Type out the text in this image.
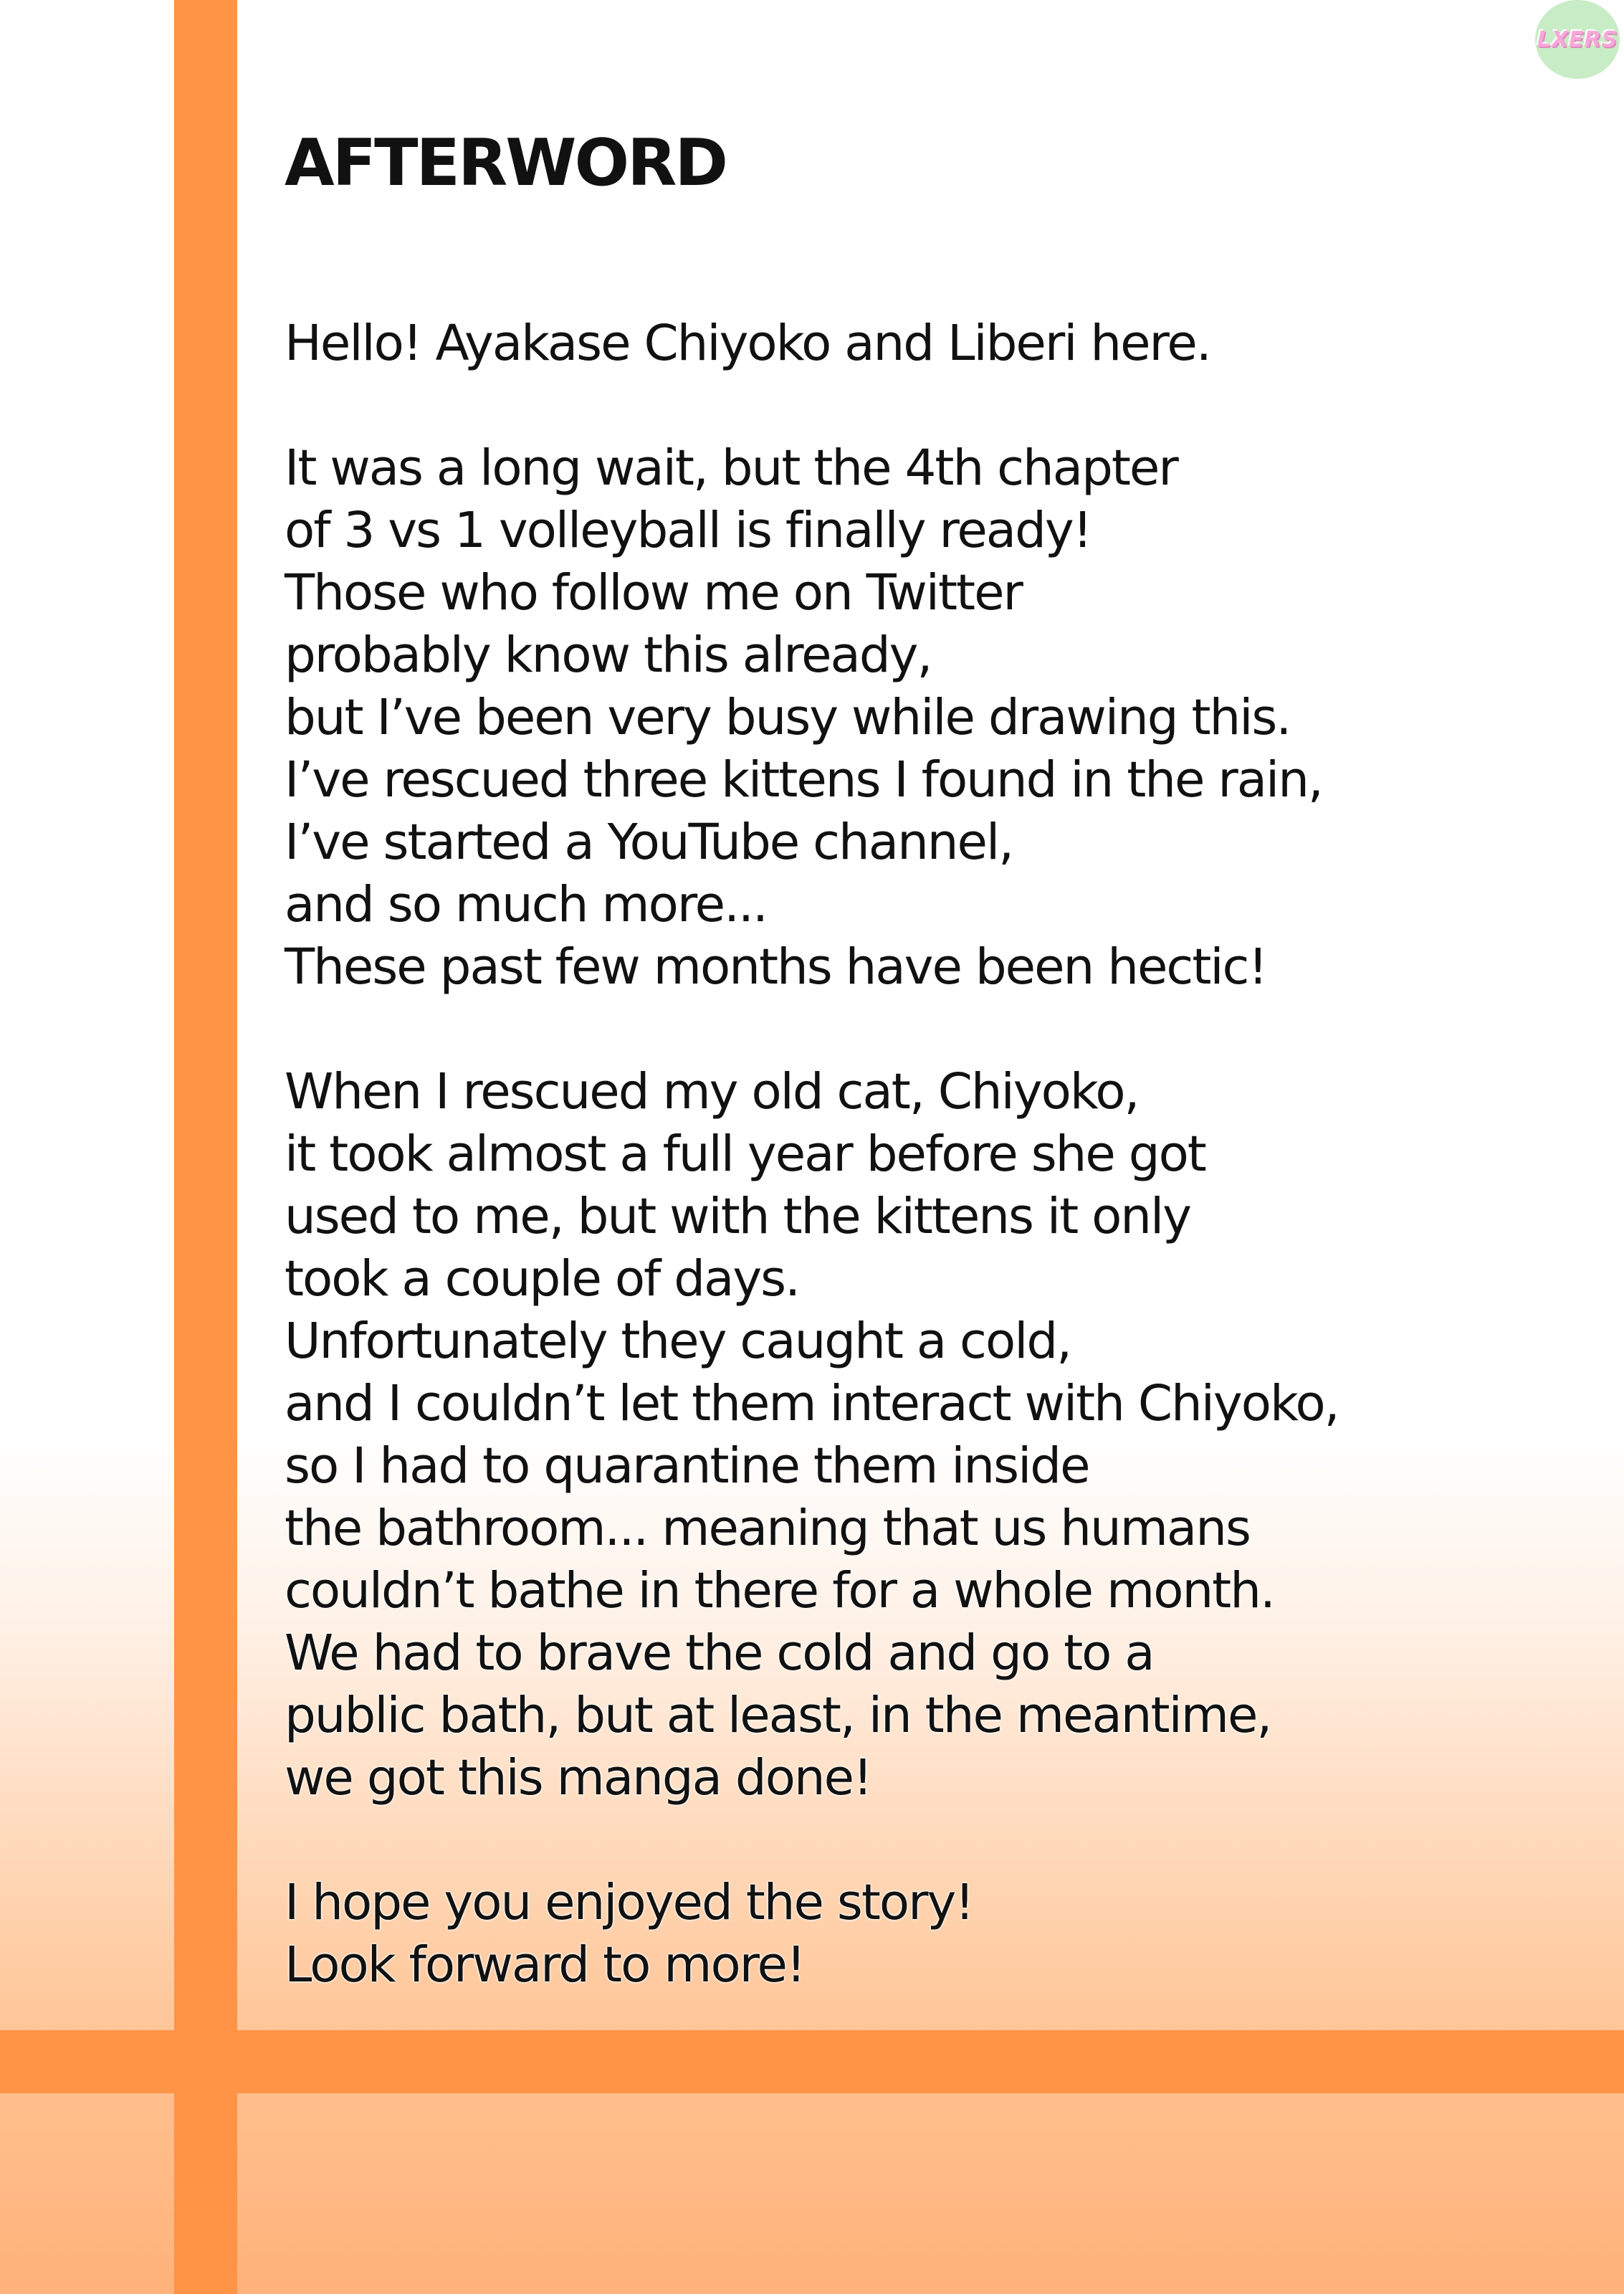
LXERS
AFTERWORD
Hello! Ayakase Chiyoko and Liberi here.
It was a long wait, but the 4th chapter
of 3 vs 1 volleyball is finally ready!
Those who follow me on Twitter
probably know this already,
but I’ve been very busy while drawing this.
I’ve rescued three kittens I found in the rain,
I’ve started a YouTube channel,
and so much more...
These past few months have been hectic!
When I rescued my old cat, Chiyoko,
it took almost a full year before she got
used to me, but with the kittens it only
took a couple of days.
Unfortunately they caught a cold,
and I couldn’t let them interact with Chiyoko,
so I had to quarantine them inside
the bathroom... meaning that us humans
couldn’t bathe in there for a whole month.
We had to brave the cold and go to a
public bath, but at least, in the meantime,
we got this manga done!
I hope you enjoyed the story!
Look forward to more!
